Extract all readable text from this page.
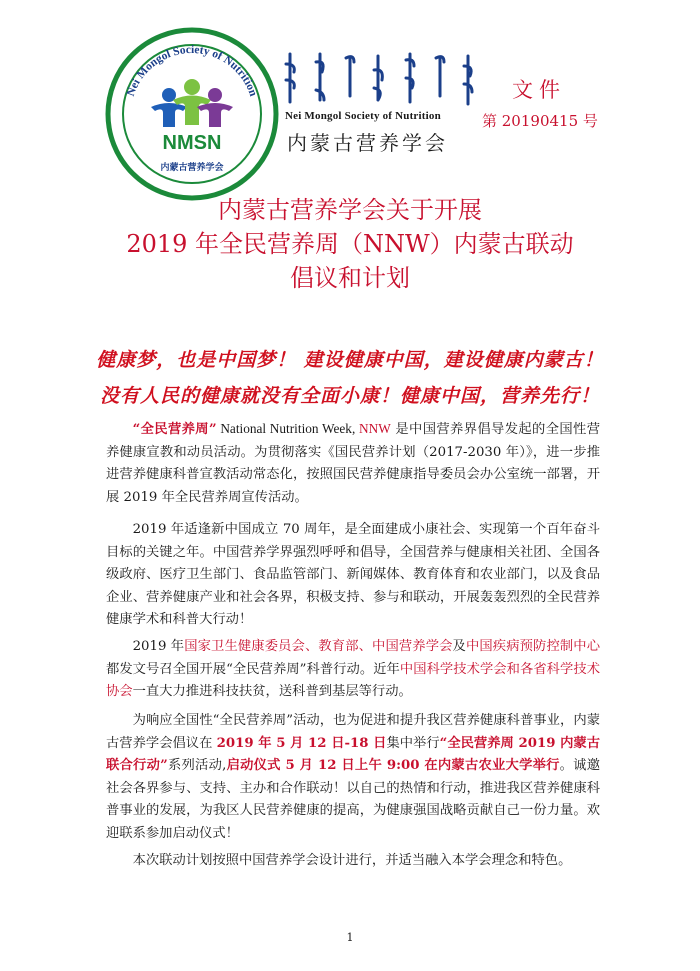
Nei Mongol Society of Nutrition
NMSN
内蒙古营养学会
Nei Mongol Society of Nutrition
内蒙古营养学会
文件
第 20190415 号
内蒙古营养学会关于开展
2019 年全民营养周（NNW）内蒙古联动
倡议和计划
健康梦，也是中国梦！ 建设健康中国，建设健康内蒙古！
没有人民的健康就没有全面小康！健康中国，营养先行！

“全民营养周” National Nutrition Week, NNW 是中国营养界倡导发起的全国性营养健康宣教和动员活动。为贯彻落实《国民营养计划（2017-2030 年）》，进一步推进营养健康科普宣教活动常态化，按照国民营养健康指导委员会办公室统一部署，开展 2019 年全民营养周宣传活动。

2019 年适逢新中国成立 70 周年，是全面建成小康社会、实现第一个百年奋斗目标的关键之年。中国营养学界强烈呼呼和倡导，全国营养与健康相关社团、全国各级政府、医疗卫生部门、食品监管部门、新闻媒体、教育体育和农业部门，以及食品企业、营养健康产业和社会各界，积极支持、参与和联动，开展轰轰烈烈的全民营养健康学术和科普大行动！

2019 年国家卫生健康委员会、教育部、中国营养学会及中国疾病预防控制中心都发文号召全国开展“全民营养周”科普行动。近年中国科学技术学会和各省科学技术协会一直大力推进科技扶贫，送科普到基层等行动。

为响应全国性“全民营养周”活动，也为促进和提升我区营养健康科普事业，内蒙古营养学会倡议在 2019 年 5 月 12 日-18 日集中举行“全民营养周 2019 内蒙古联合行动”系列活动,启动仪式 5 月 12 日上午 9:00 在内蒙古农业大学举行。诚邀社会各界参与、支持、主办和合作联动！以自己的热情和行动，推进我区营养健康科普事业的发展，为我区人民营养健康的提高，为健康强国战略贡献自己一份力量。欢迎联系参加启动仪式！

本次联动计划按照中国营养学会设计进行，并适当融入本学会理念和特色。

1
